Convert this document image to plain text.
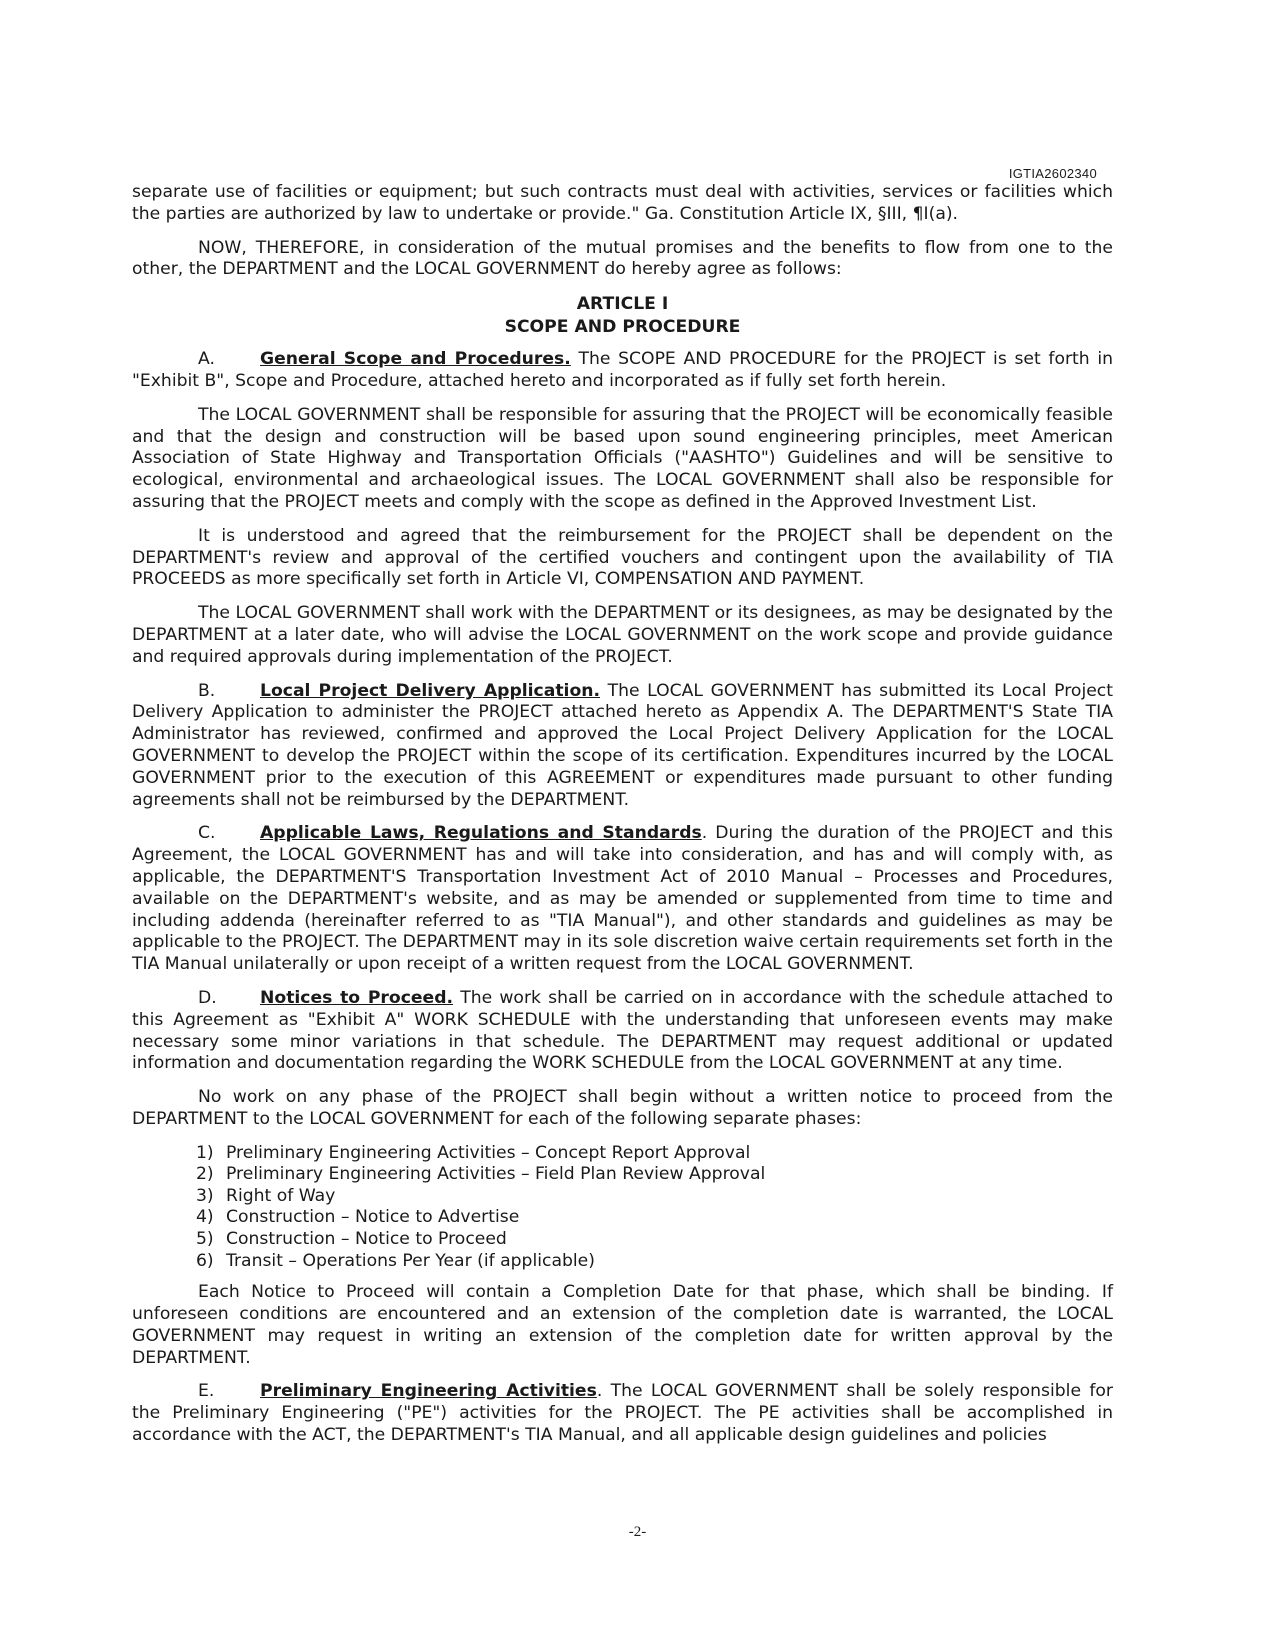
IGTIA2602340

separate use of facilities or equipment; but such contracts must deal with activities, services or facilities which the parties are authorized by law to undertake or provide." Ga. Constitution Article IX, §III, ¶I(a).

NOW, THEREFORE, in consideration of the mutual promises and the benefits to flow from one to the other, the DEPARTMENT and the LOCAL GOVERNMENT do hereby agree as follows:

ARTICLE I
SCOPE AND PROCEDURE

A.	General Scope and Procedures. The SCOPE AND PROCEDURE for the PROJECT is set forth in "Exhibit B", Scope and Procedure, attached hereto and incorporated as if fully set forth herein.

The LOCAL GOVERNMENT shall be responsible for assuring that the PROJECT will be economically feasible and that the design and construction will be based upon sound engineering principles, meet American Association of State Highway and Transportation Officials ("AASHTO") Guidelines and will be sensitive to ecological, environmental and archaeological issues. The LOCAL GOVERNMENT shall also be responsible for assuring that the PROJECT meets and comply with the scope as defined in the Approved Investment List.

It is understood and agreed that the reimbursement for the PROJECT shall be dependent on the DEPARTMENT's review and approval of the certified vouchers and contingent upon the availability of TIA PROCEEDS as more specifically set forth in Article VI, COMPENSATION AND PAYMENT.

The LOCAL GOVERNMENT shall work with the DEPARTMENT or its designees, as may be designated by the DEPARTMENT at a later date, who will advise the LOCAL GOVERNMENT on the work scope and provide guidance and required approvals during implementation of the PROJECT.

B.	Local Project Delivery Application. The LOCAL GOVERNMENT has submitted its Local Project Delivery Application to administer the PROJECT attached hereto as Appendix A. The DEPARTMENT'S State TIA Administrator has reviewed, confirmed and approved the Local Project Delivery Application for the LOCAL GOVERNMENT to develop the PROJECT within the scope of its certification. Expenditures incurred by the LOCAL GOVERNMENT prior to the execution of this AGREEMENT or expenditures made pursuant to other funding agreements shall not be reimbursed by the DEPARTMENT.

C.	Applicable Laws, Regulations and Standards. During the duration of the PROJECT and this Agreement, the LOCAL GOVERNMENT has and will take into consideration, and has and will comply with, as applicable, the DEPARTMENT'S Transportation Investment Act of 2010 Manual – Processes and Procedures, available on the DEPARTMENT's website, and as may be amended or supplemented from time to time and including addenda (hereinafter referred to as "TIA Manual"), and other standards and guidelines as may be applicable to the PROJECT. The DEPARTMENT may in its sole discretion waive certain requirements set forth in the TIA Manual unilaterally or upon receipt of a written request from the LOCAL GOVERNMENT.

D.	Notices to Proceed. The work shall be carried on in accordance with the schedule attached to this Agreement as "Exhibit A" WORK SCHEDULE with the understanding that unforeseen events may make necessary some minor variations in that schedule. The DEPARTMENT may request additional or updated information and documentation regarding the WORK SCHEDULE from the LOCAL GOVERNMENT at any time.

No work on any phase of the PROJECT shall begin without a written notice to proceed from the DEPARTMENT to the LOCAL GOVERNMENT for each of the following separate phases:

1) Preliminary Engineering Activities – Concept Report Approval
2) Preliminary Engineering Activities – Field Plan Review Approval
3) Right of Way
4) Construction – Notice to Advertise
5) Construction – Notice to Proceed
6) Transit – Operations Per Year (if applicable)

Each Notice to Proceed will contain a Completion Date for that phase, which shall be binding. If unforeseen conditions are encountered and an extension of the completion date is warranted, the LOCAL GOVERNMENT may request in writing an extension of the completion date for written approval by the DEPARTMENT.

E.	Preliminary Engineering Activities. The LOCAL GOVERNMENT shall be solely responsible for the Preliminary Engineering ("PE") activities for the PROJECT. The PE activities shall be accomplished in accordance with the ACT, the DEPARTMENT's TIA Manual, and all applicable design guidelines and policies

-2-
